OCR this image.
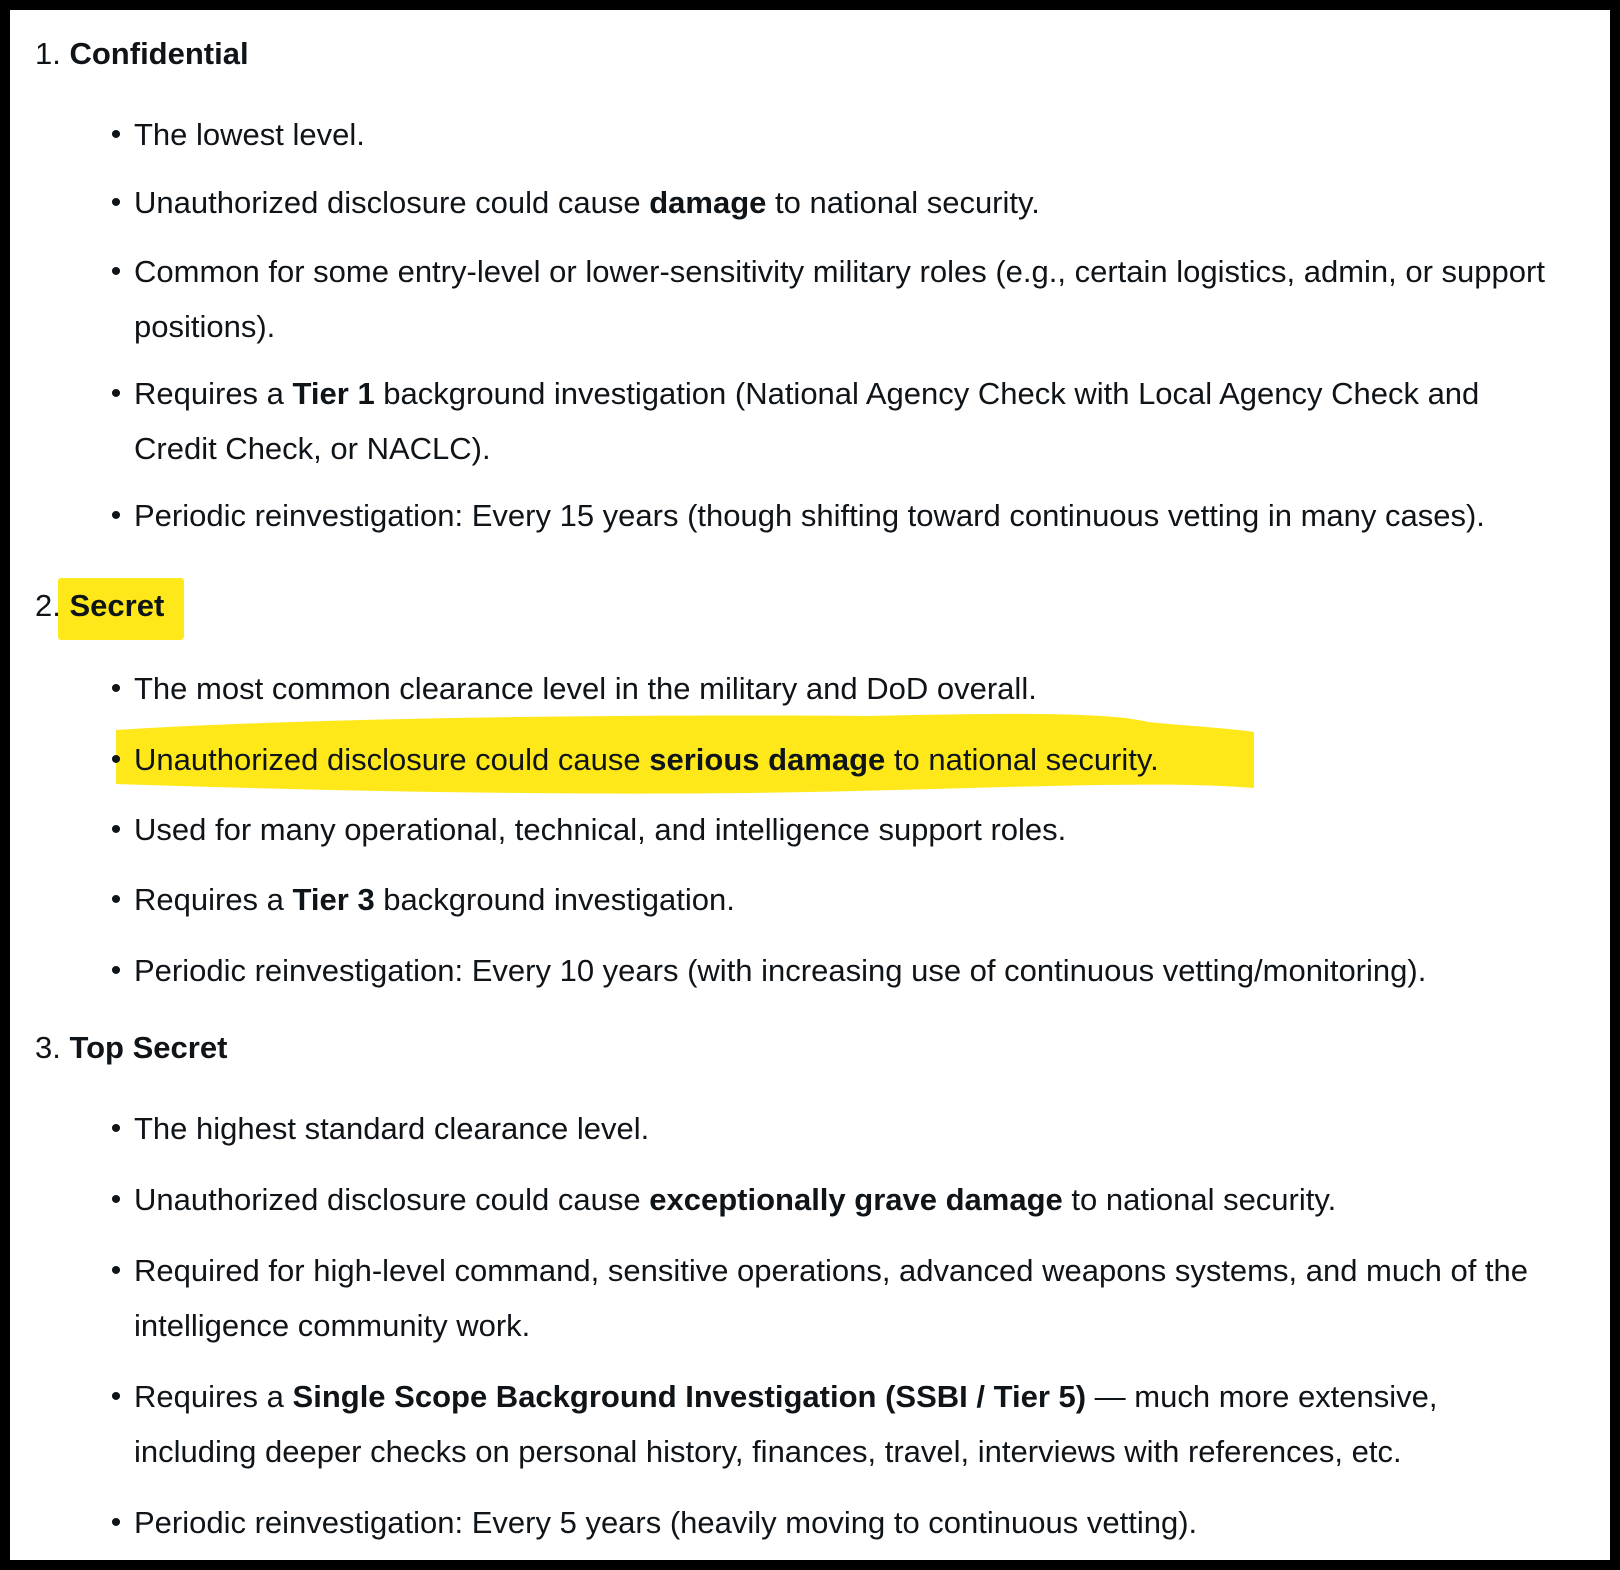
1. Confidential
• The lowest level.
• Unauthorized disclosure could cause damage to national security.
• Common for some entry-level or lower-sensitivity military roles (e.g., certain logistics, admin, or support positions).
• Requires a Tier 1 background investigation (National Agency Check with Local Agency Check and Credit Check, or NACLC).
• Periodic reinvestigation: Every 15 years (though shifting toward continuous vetting in many cases).
2. Secret
• The most common clearance level in the military and DoD overall.
• Unauthorized disclosure could cause serious damage to national security.
• Used for many operational, technical, and intelligence support roles.
• Requires a Tier 3 background investigation.
• Periodic reinvestigation: Every 10 years (with increasing use of continuous vetting/monitoring).
3. Top Secret
• The highest standard clearance level.
• Unauthorized disclosure could cause exceptionally grave damage to national security.
• Required for high-level command, sensitive operations, advanced weapons systems, and much of the intelligence community work.
• Requires a Single Scope Background Investigation (SSBI / Tier 5) — much more extensive, including deeper checks on personal history, finances, travel, interviews with references, etc.
• Periodic reinvestigation: Every 5 years (heavily moving to continuous vetting).
